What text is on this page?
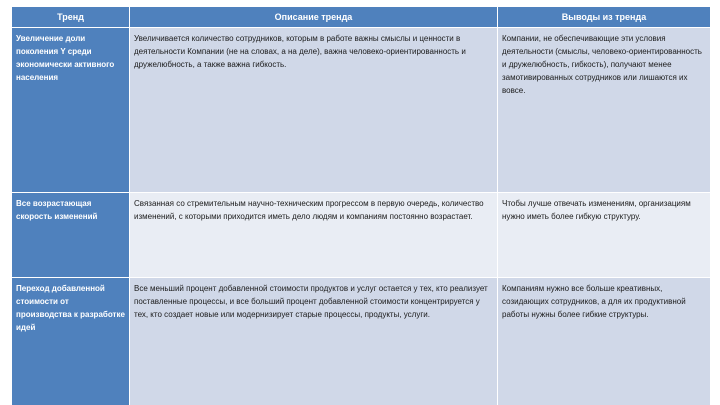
Тренд	Описание тренда	Выводы из тренда
Увеличение доли поколения Y среди экономически активного населения	Увеличивается количество сотрудников, которым в работе важны смыслы и ценности в деятельности Компании (не на словах, а на деле), важна человеко-ориентированность и дружелюбность, а также важна гибкость.	Компании, не обеспечивающие эти условия деятельности (смыслы, человеко-ориентированность и дружелюбность, гибкость), получают менее замотивированных сотрудников или лишаются их вовсе.
Все возрастающая скорость изменений	Связанная со стремительным научно-техническим прогрессом в первую очередь, количество изменений, с которыми приходится иметь дело людям и компаниям постоянно возрастает.	Чтобы лучше отвечать изменениям, организациям нужно иметь более гибкую структуру.
Переход добавленной стоимости от производства к разработке идей	Все меньший процент добавленной стоимости продуктов и услуг остается у тех, кто реализует поставленные процессы, и все больший процент добавленной стоимости концентрируется у тех, кто создает новые или модернизирует старые процессы, продукты, услуги.	Компаниям нужно все больше креативных, созидающих сотрудников, а для их продуктивной работы нужны более гибкие структуры.
